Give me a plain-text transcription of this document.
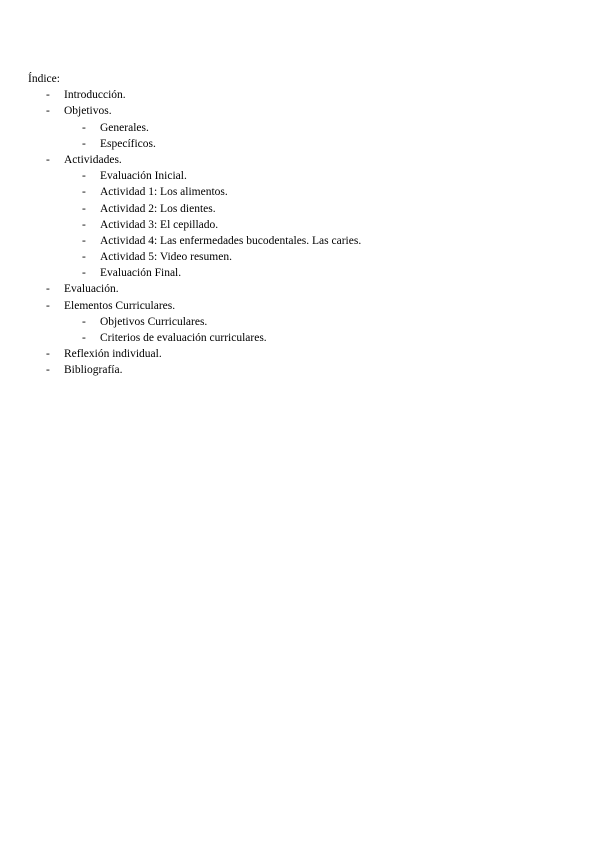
Índice:
- Introducción.
- Objetivos.
- Generales.
- Específicos.
- Actividades.
- Evaluación Inicial.
- Actividad 1: Los alimentos.
- Actividad 2: Los dientes.
- Actividad 3: El cepillado.
- Actividad 4: Las enfermedades bucodentales. Las caries.
- Actividad 5: Video resumen.
- Evaluación Final.
- Evaluación.
- Elementos Curriculares.
- Objetivos Curriculares.
- Criterios de evaluación curriculares.
- Reflexión individual.
- Bibliografía.
